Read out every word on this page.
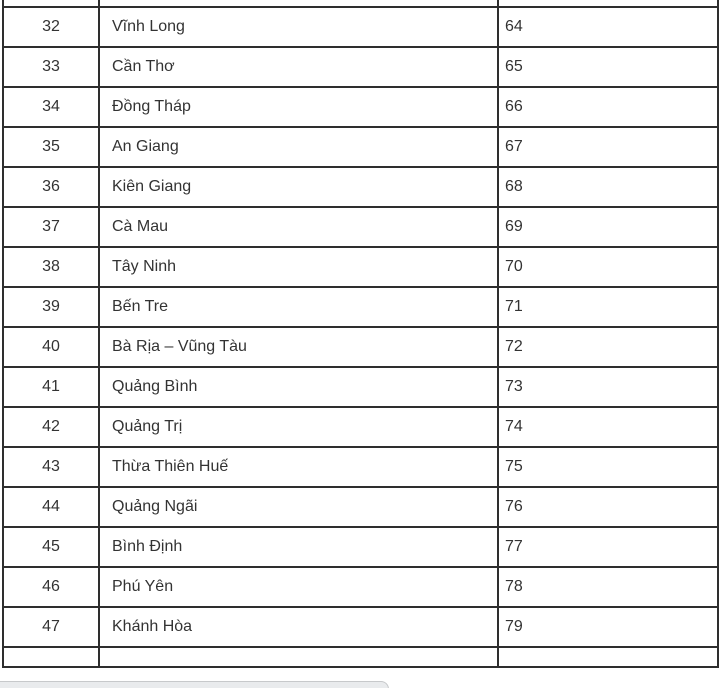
32	Vĩnh Long	64
33	Cần Thơ	65
34	Đồng Tháp	66
35	An Giang	67
36	Kiên Giang	68
37	Cà Mau	69
38	Tây Ninh	70
39	Bến Tre	71
40	Bà Rịa – Vũng Tàu	72
41	Quảng Bình	73
42	Quảng Trị	74
43	Thừa Thiên Huế	75
44	Quảng Ngãi	76
45	Bình Định	77
46	Phú Yên	78
47	Khánh Hòa	79
